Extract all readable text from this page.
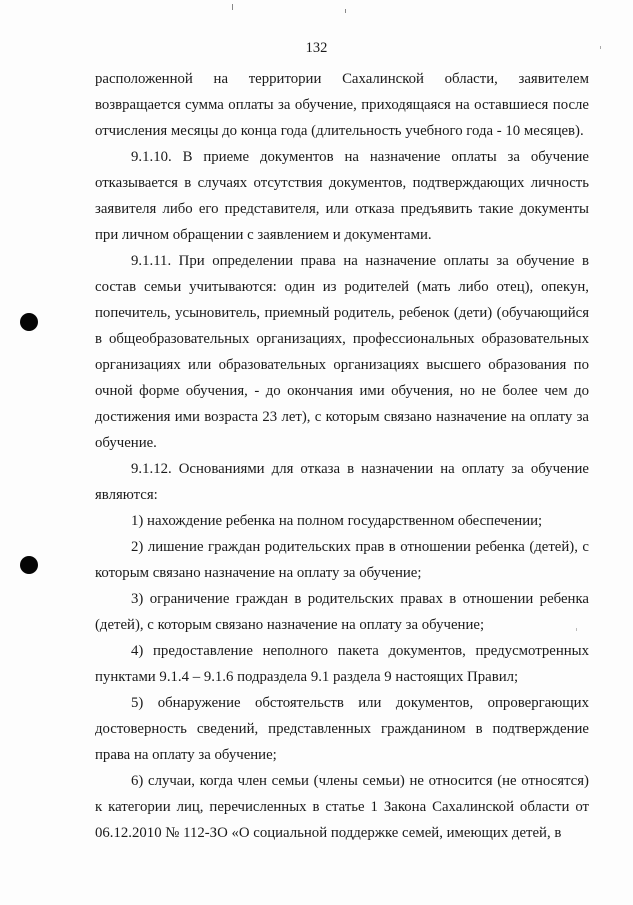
132

расположенной на территории Сахалинской области, заявителем возвращается сумма оплаты за обучение, приходящаяся на оставшиеся после отчисления месяцы до конца года (длительность учебного года - 10 месяцев).

9.1.10. В приеме документов на назначение оплаты за обучение отказывается в случаях отсутствия документов, подтверждающих личность заявителя либо его представителя, или отказа предъявить такие документы при личном обращении с заявлением и документами.

9.1.11. При определении права на назначение оплаты за обучение в состав семьи учитываются: один из родителей (мать либо отец), опекун, попечитель, усыновитель, приемный родитель, ребенок (дети) (обучающийся в общеобразовательных организациях, профессиональных образовательных организациях или образовательных организациях высшего образования по очной форме обучения, - до окончания ими обучения, но не более чем до достижения ими возраста 23 лет), с которым связано назначение на оплату за обучение.

9.1.12. Основаниями для отказа в назначении на оплату за обучение являются:

1) нахождение ребенка на полном государственном обеспечении;

2) лишение граждан родительских прав в отношении ребенка (детей), с которым связано назначение на оплату за обучение;

3) ограничение граждан в родительских правах в отношении ребенка (детей), с которым связано назначение на оплату за обучение;

4) предоставление неполного пакета документов, предусмотренных пунктами 9.1.4 – 9.1.6 подраздела 9.1 раздела 9 настоящих Правил;

5) обнаружение обстоятельств или документов, опровергающих достоверность сведений, представленных гражданином в подтверждение права на оплату за обучение;

6) случаи, когда член семьи (члены семьи) не относится (не относятся) к категории лиц, перечисленных в статье 1 Закона Сахалинской области от 06.12.2010 № 112-ЗО «О социальной поддержке семей, имеющих детей, в
